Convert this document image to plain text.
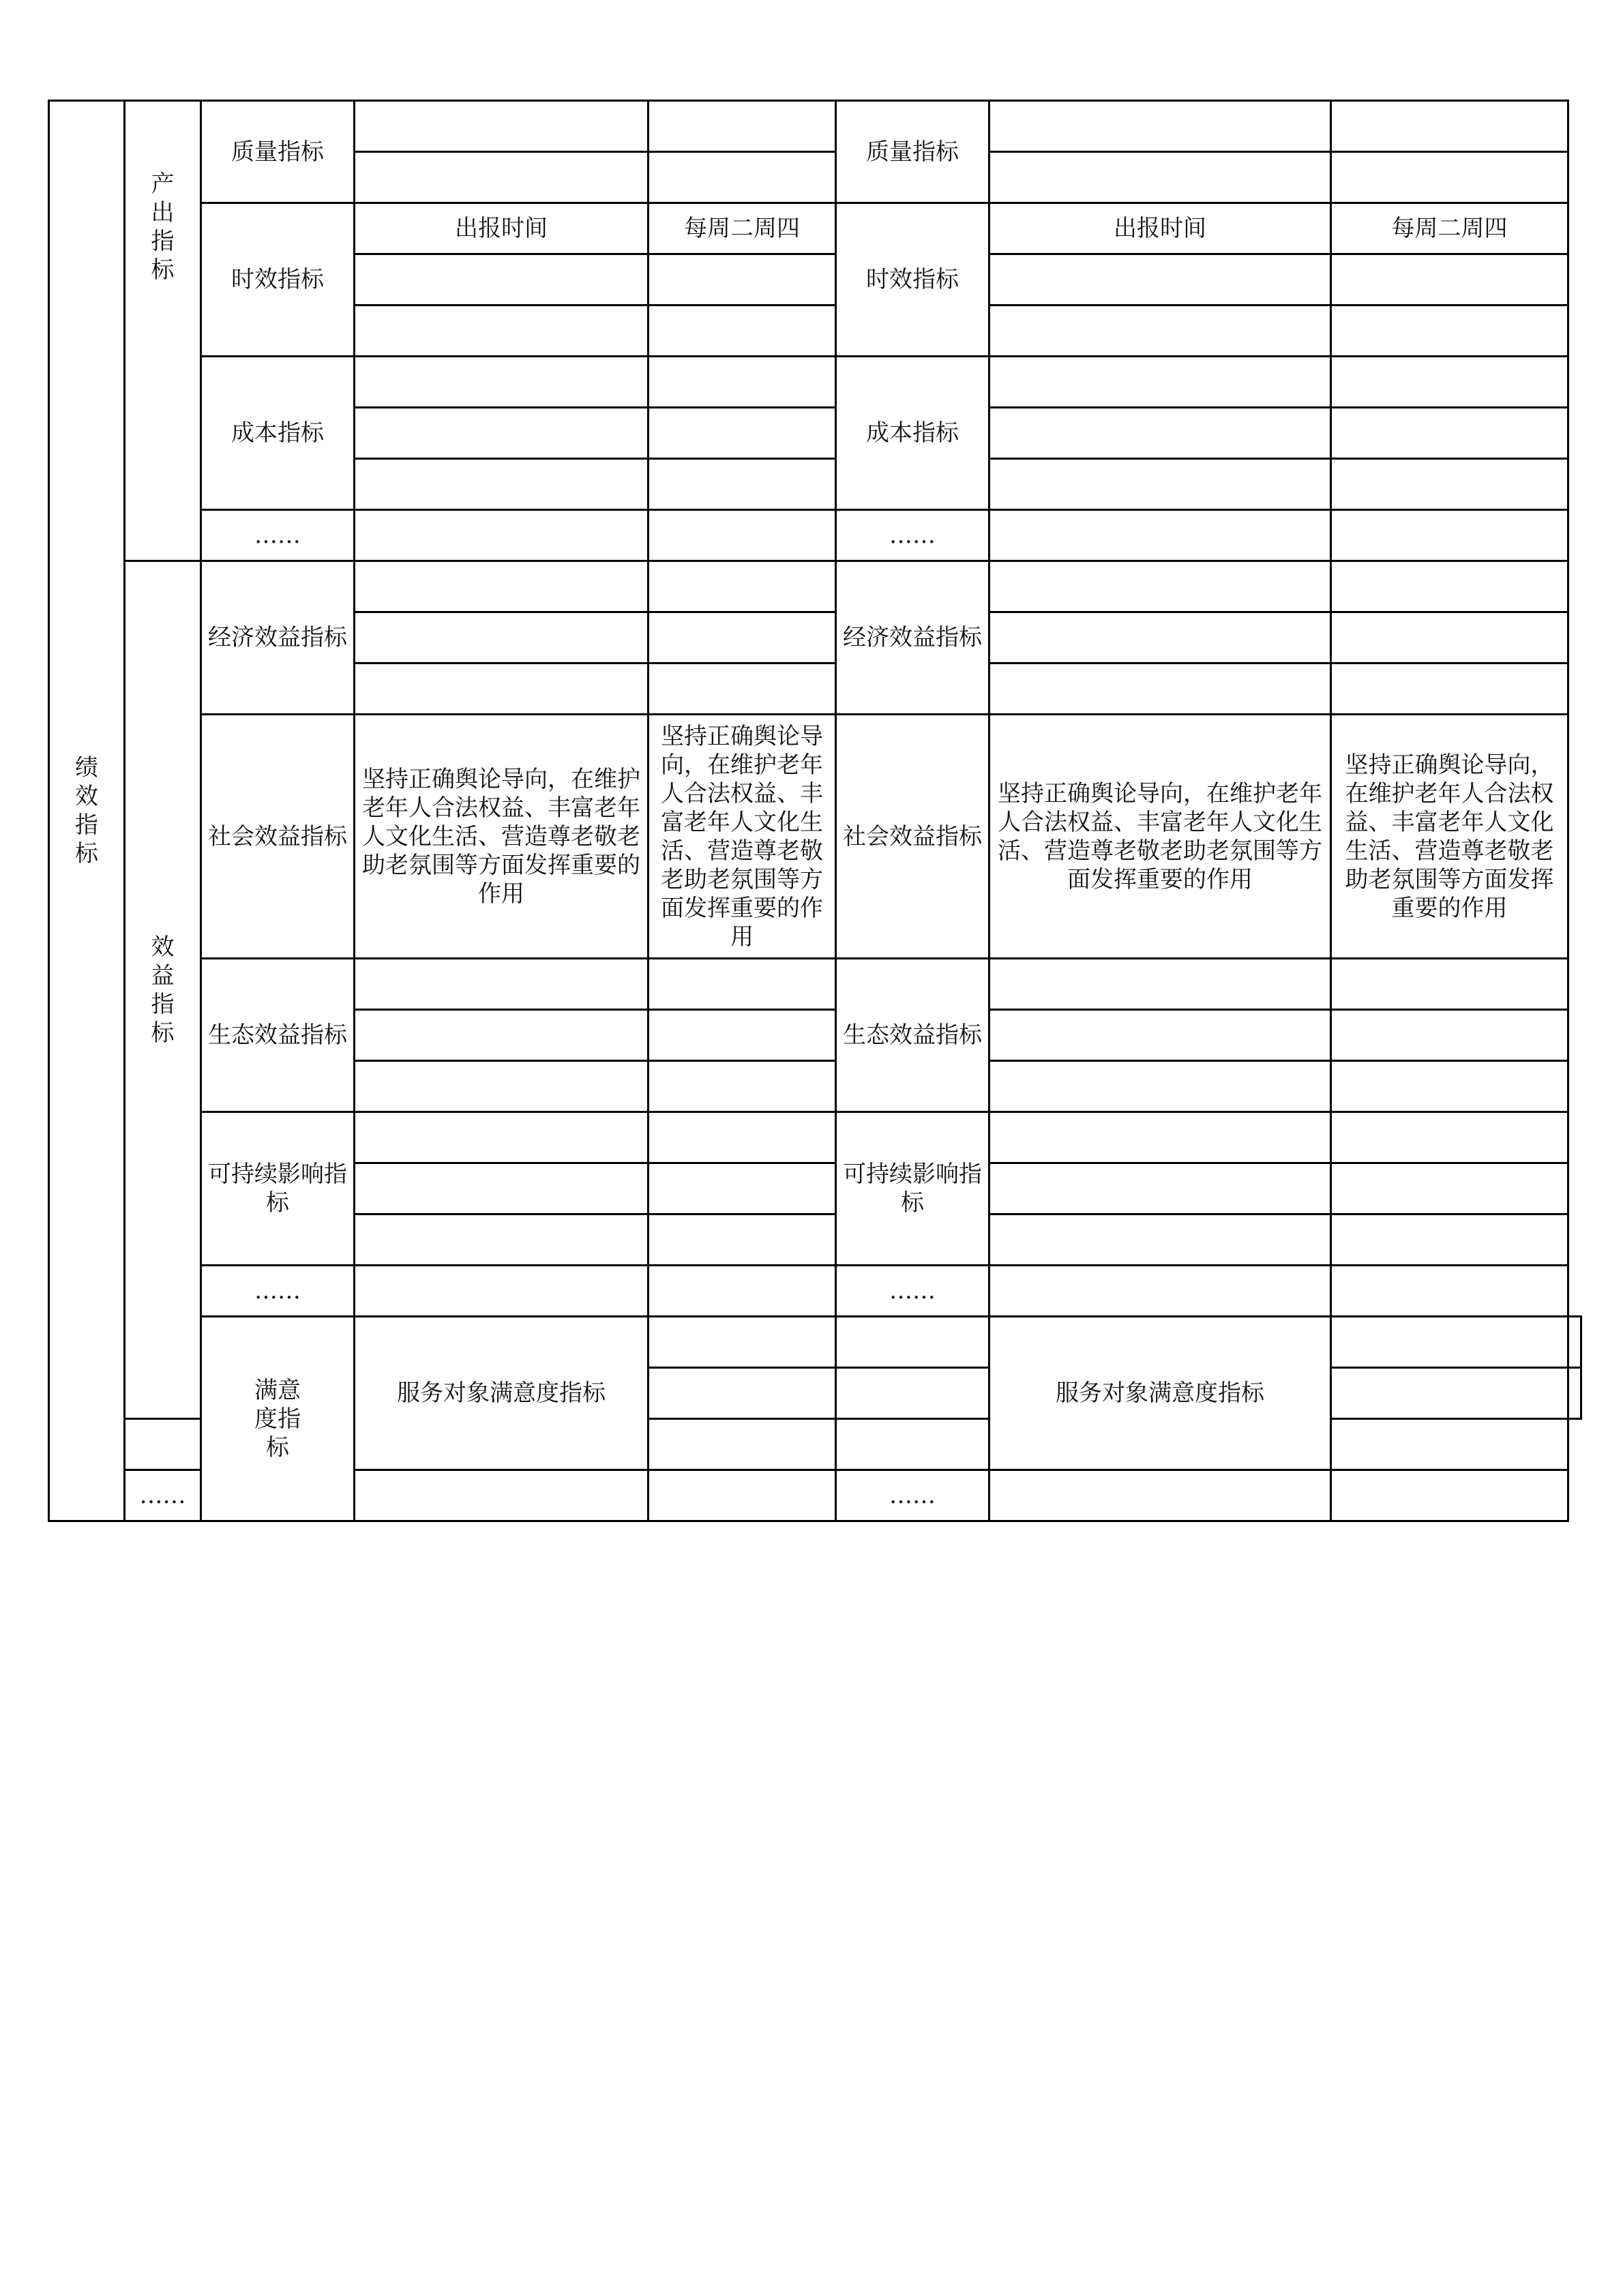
绩效指标	产出指标	质量指标			质量指标			

		时效指标	出报时间	每周二周四	时效指标	出报时间	每周二周四	

		成本指标			成本指标			

		……			……			

	效益指标	经济效益指标			经济效益指标			

		社会效益指标	坚持正确舆论导向，在维护老年人合法权益、丰富老年人文化生活、营造尊老敬老助老氛围等方面发挥重要的作用	坚持正确舆论导向，在维护老年人合法权益、丰富老年人文化生活、营造尊老敬老助老氛围等方面发挥重要的作用	社会效益指标	坚持正确舆论导向，在维护老年人合法权益、丰富老年人文化生活、营造尊老敬老助老氛围等方面发挥重要的作用	坚持正确舆论导向，在维护老年人合法权益、丰富老年人文化生活、营造尊老敬老助老氛围等方面发挥重要的作用	
		生态效益指标			生态效益指标			

		可持续影响指标			可持续影响指标			

		……			……			

		满意度指标	服务对象满意度指标			服务对象满意度指标		

	……				……			
